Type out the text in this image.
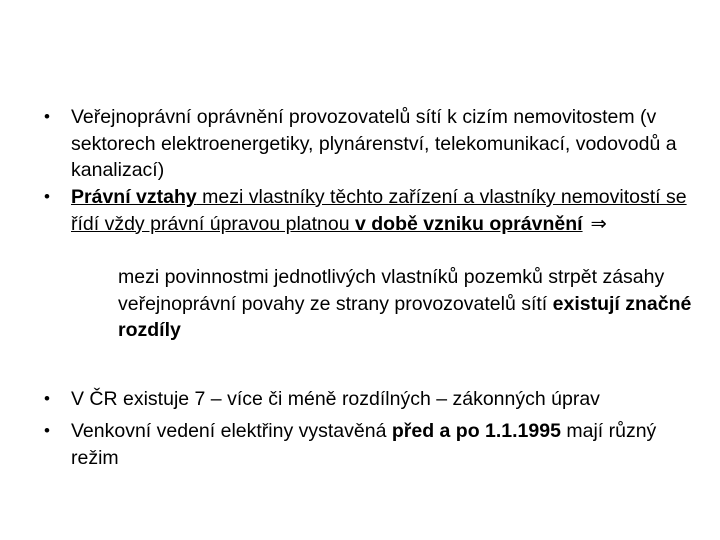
• Veřejnoprávní oprávnění provozovatelů sítí k cizím nemovitostem (v sektorech elektroenergetiky, plynárenství, telekomunikací, vodovodů a kanalizací)
• Právní vztahy mezi vlastníky těchto zařízení a vlastníky nemovitostí se řídí vždy právní úpravou platnou v době vzniku oprávnění ⇒
mezi povinnostmi jednotlivých vlastníků pozemků strpět zásahy veřejnoprávní povahy ze strany provozovatelů sítí existují značné rozdíly
• V ČR existuje 7 – více či méně rozdílných – zákonných úprav
• Venkovní vedení elektřiny vystavěná před a po 1.1.1995 mají různý režim
